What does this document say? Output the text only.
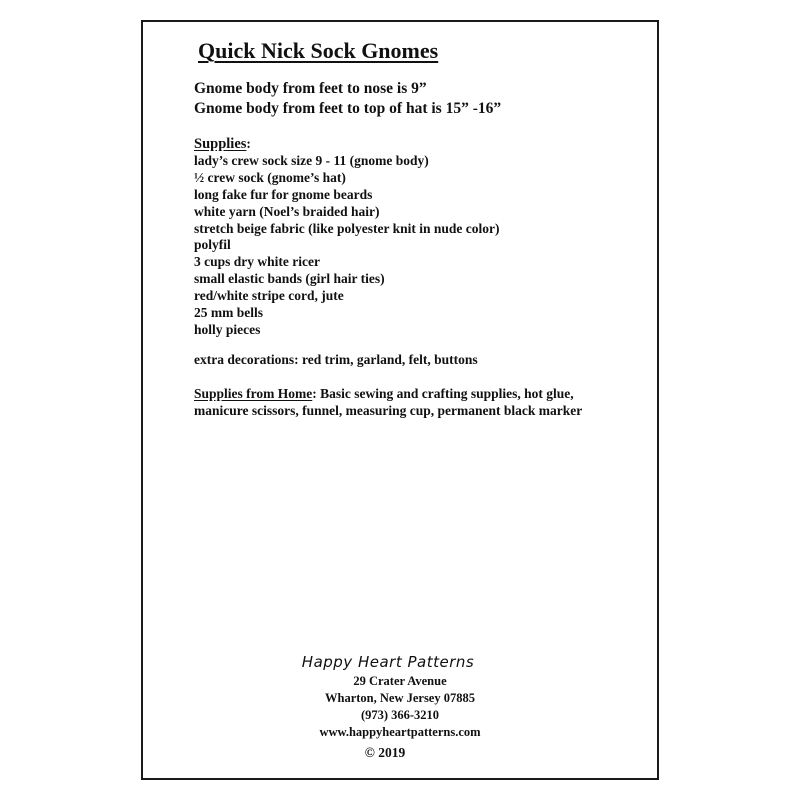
Quick Nick Sock Gnomes
Gnome body from feet to nose is 9”
Gnome body from feet to top of hat is 15” -16”
Supplies:
lady’s crew sock size 9 - 11 (gnome body)
½ crew sock (gnome’s hat)
long fake fur for gnome beards
white yarn (Noel’s braided hair)
stretch beige fabric (like polyester knit in nude color)
polyfil
3 cups dry white ricer
small elastic bands (girl hair ties)
red/white stripe cord, jute
25 mm bells
holly pieces
extra decorations: red trim, garland, felt, buttons
Supplies from Home: Basic sewing and crafting supplies, hot glue,
manicure scissors, funnel, measuring cup, permanent black marker
Happy Heart Patterns
29 Crater Avenue
Wharton, New Jersey 07885
(973) 366-3210
www.happyheartpatterns.com
© 2019
